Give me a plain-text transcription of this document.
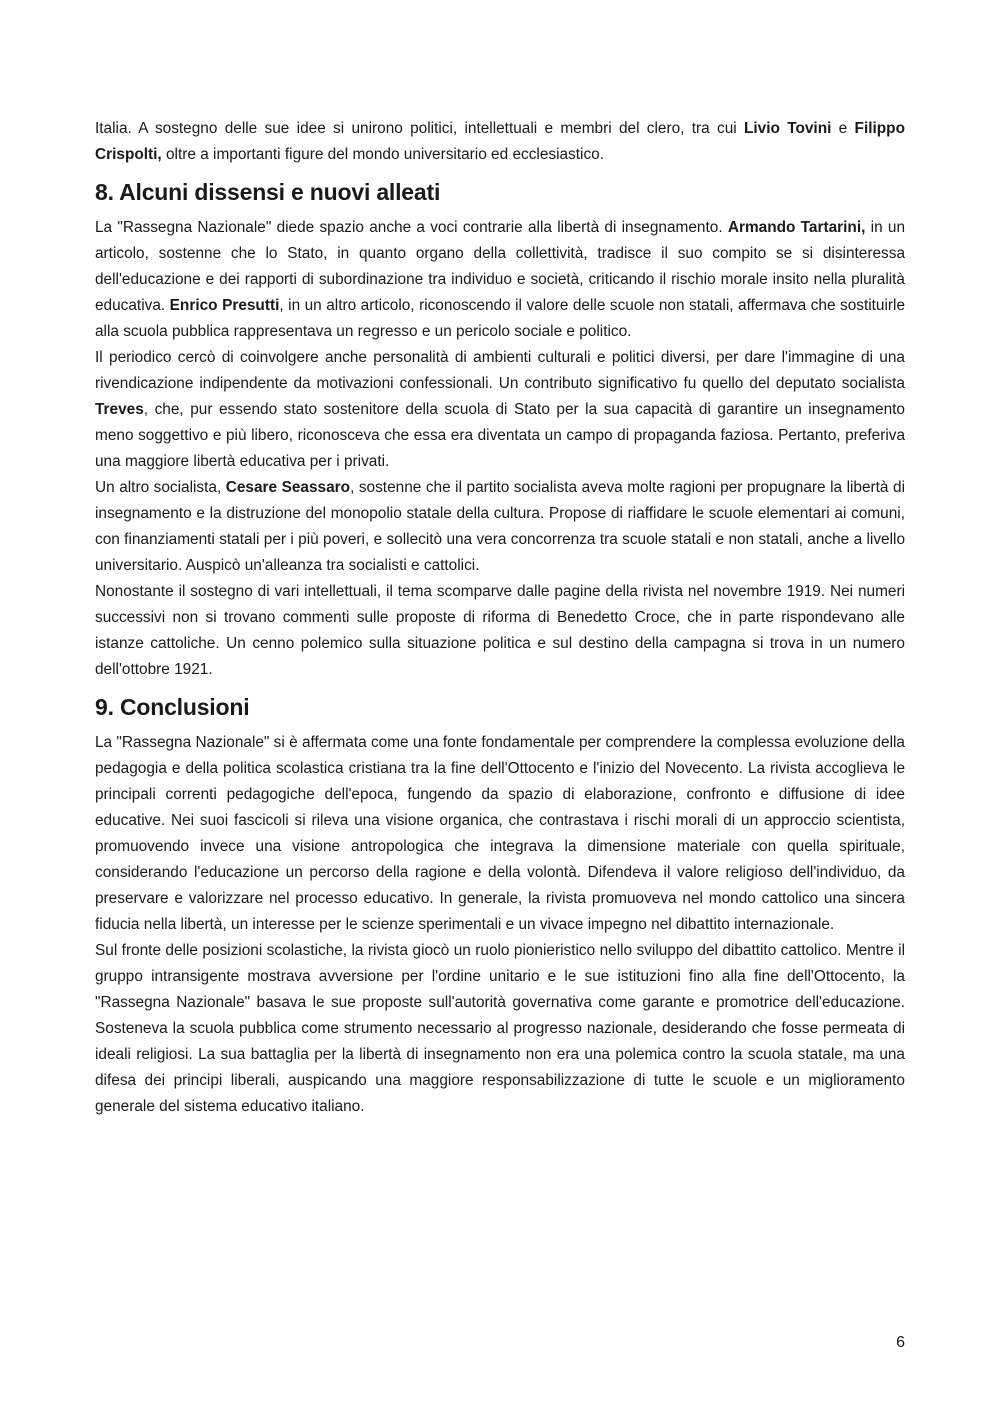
Italia. A sostegno delle sue idee si unirono politici, intellettuali e membri del clero, tra cui Livio Tovini e Filippo Crispolti, oltre a importanti figure del mondo universitario ed ecclesiastico.

8. Alcuni dissensi e nuovi alleati

La "Rassegna Nazionale" diede spazio anche a voci contrarie alla libertà di insegnamento. Armando Tartarini, in un articolo, sostenne che lo Stato, in quanto organo della collettività, tradisce il suo compito se si disinteressa dell'educazione e dei rapporti di subordinazione tra individuo e società, criticando il rischio morale insito nella pluralità educativa. Enrico Presutti, in un altro articolo, riconoscendo il valore delle scuole non statali, affermava che sostituirle alla scuola pubblica rappresentava un regresso e un pericolo sociale e politico.

Il periodico cercò di coinvolgere anche personalità di ambienti culturali e politici diversi, per dare l'immagine di una rivendicazione indipendente da motivazioni confessionali. Un contributo significativo fu quello del deputato socialista Treves, che, pur essendo stato sostenitore della scuola di Stato per la sua capacità di garantire un insegnamento meno soggettivo e più libero, riconosceva che essa era diventata un campo di propaganda faziosa. Pertanto, preferiva una maggiore libertà educativa per i privati.

Un altro socialista, Cesare Seassaro, sostenne che il partito socialista aveva molte ragioni per propugnare la libertà di insegnamento e la distruzione del monopolio statale della cultura. Propose di riaffidare le scuole elementari ai comuni, con finanziamenti statali per i più poveri, e sollecitò una vera concorrenza tra scuole statali e non statali, anche a livello universitario. Auspicò un'alleanza tra socialisti e cattolici.

Nonostante il sostegno di vari intellettuali, il tema scomparve dalle pagine della rivista nel novembre 1919. Nei numeri successivi non si trovano commenti sulle proposte di riforma di Benedetto Croce, che in parte rispondevano alle istanze cattoliche. Un cenno polemico sulla situazione politica e sul destino della campagna si trova in un numero dell'ottobre 1921.

9. Conclusioni

La "Rassegna Nazionale" si è affermata come una fonte fondamentale per comprendere la complessa evoluzione della pedagogia e della politica scolastica cristiana tra la fine dell'Ottocento e l'inizio del Novecento. La rivista accoglieva le principali correnti pedagogiche dell'epoca, fungendo da spazio di elaborazione, confronto e diffusione di idee educative. Nei suoi fascicoli si rileva una visione organica, che contrastava i rischi morali di un approccio scientista, promuovendo invece una visione antropologica che integrava la dimensione materiale con quella spirituale, considerando l'educazione un percorso della ragione e della volontà. Difendeva il valore religioso dell'individuo, da preservare e valorizzare nel processo educativo. In generale, la rivista promuoveva nel mondo cattolico una sincera fiducia nella libertà, un interesse per le scienze sperimentali e un vivace impegno nel dibattito internazionale.

Sul fronte delle posizioni scolastiche, la rivista giocò un ruolo pionieristico nello sviluppo del dibattito cattolico. Mentre il gruppo intransigente mostrava avversione per l'ordine unitario e le sue istituzioni fino alla fine dell'Ottocento, la "Rassegna Nazionale" basava le sue proposte sull'autorità governativa come garante e promotrice dell'educazione. Sosteneva la scuola pubblica come strumento necessario al progresso nazionale, desiderando che fosse permeata di ideali religiosi. La sua battaglia per la libertà di insegnamento non era una polemica contro la scuola statale, ma una difesa dei principi liberali, auspicando una maggiore responsabilizzazione di tutte le scuole e un miglioramento generale del sistema educativo italiano.

6
